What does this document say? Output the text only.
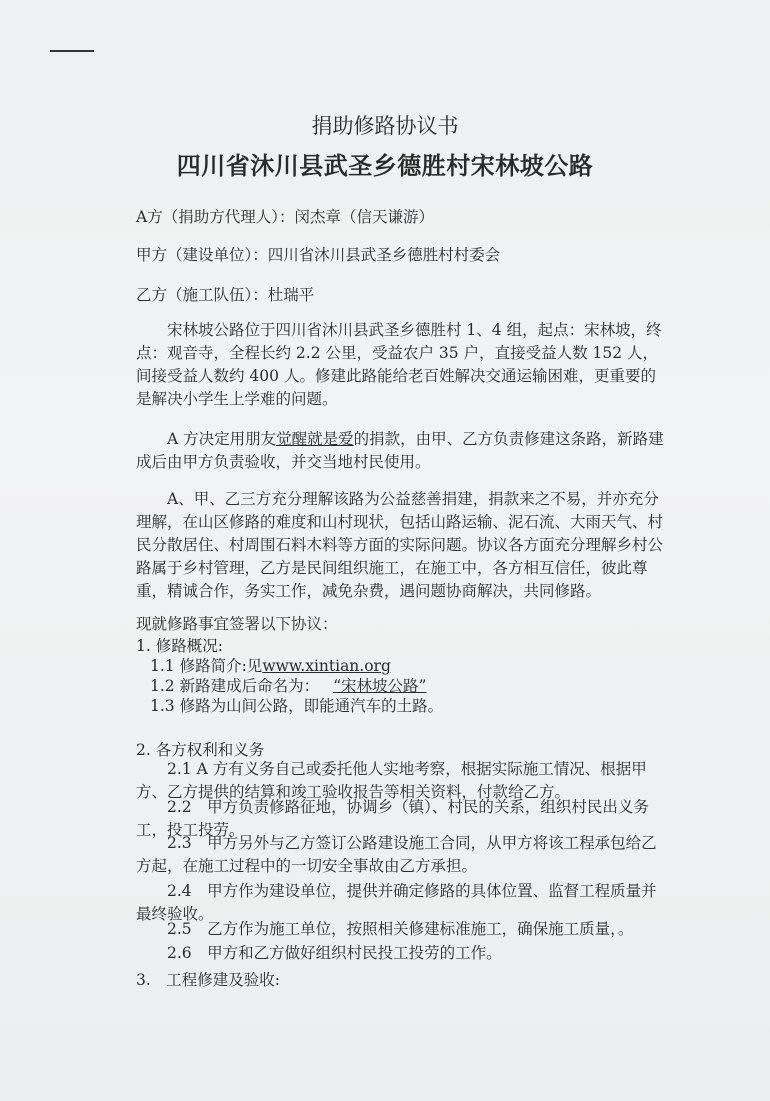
捐助修路协议书
四川省沐川县武圣乡德胜村宋林坡公路
A方（捐助方代理人）：闵杰章（信天谦游）
甲方（建设单位）：四川省沐川县武圣乡德胜村村委会
乙方（施工队伍）：杜瑞平
宋林坡公路位于四川省沐川县武圣乡德胜村 1、4 组，起点：宋林坡，终点：观音寺，全程长约 2.2 公里，受益农户 35 户，直接受益人数 152 人，间接受益人数约 400 人。修建此路能给老百姓解决交通运输困难，更重要的是解决小学生上学难的问题。
A 方决定用朋友觉醒就是爱的捐款，由甲、乙方负责修建这条路，新路建成后由甲方负责验收，并交当地村民使用。
A、甲、乙三方充分理解该路为公益慈善捐建，捐款来之不易，并亦充分理解，在山区修路的难度和山村现状，包括山路运输、泥石流、大雨天气、村民分散居住、村周围石料木料等方面的实际问题。协议各方面充分理解乡村公路属于乡村管理，乙方是民间组织施工，在施工中，各方相互信任，彼此尊重，精诚合作，务实工作，减免杂费，遇问题协商解决，共同修路。
现就修路事宜签署以下协议：
1. 修路概况:
1.1 修路简介:见www.xintian.org
1.2 新路建成后命名为： “宋林坡公路”
1.3 修路为山间公路，即能通汽车的土路。
2. 各方权利和义务
2.1 A 方有义务自己或委托他人实地考察，根据实际施工情况、根据甲方、乙方提供的结算和竣工验收报告等相关资料，付款给乙方。
2.2　甲方负责修路征地，协调乡（镇）、村民的关系，组织村民出义务工，投工投劳。
2.3　甲方另外与乙方签订公路建设施工合同，从甲方将该工程承包给乙方起，在施工过程中的一切安全事故由乙方承担。
2.4　甲方作为建设单位，提供并确定修路的具体位置、监督工程质量并最终验收。
2.5　乙方作为施工单位，按照相关修建标准施工，确保施工质量，。
2.6　甲方和乙方做好组织村民投工投劳的工作。
3.　工程修建及验收:
